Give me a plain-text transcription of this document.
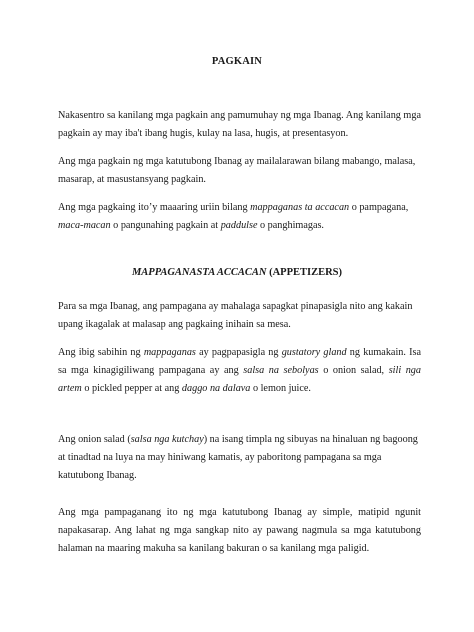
PAGKAIN

Nakasentro sa kanilang mga pagkain ang pamumuhay ng mga Ibanag. Ang kanilang mga pagkain ay may iba't ibang hugis, kulay na lasa, hugis, at presentasyon.

Ang mga pagkain ng mga katutubong Ibanag ay mailalarawan bilang mabango, malasa, masarap, at masustansyang pagkain.

Ang mga pagkaing ito’y maaaring uriin bilang mappaganas ta accacan o pampagana, maca-macan o pangunahing pagkain at paddulse o panghimagas.

MAPPAGANASTA ACCACAN (APPETIZERS)

Para sa mga Ibanag, ang pampagana ay mahalaga sapagkat pinapasigla nito ang kakain upang ikagalak at malasap ang pagkaing inihain sa mesa.

Ang ibig sabihin ng mappaganas ay pagpapasigla ng gustatory gland ng kumakain. Isa sa mga kinagigiliwang pampagana ay ang salsa na sebolyas o onion salad, sili nga artem o pickled pepper at ang daggo na dalava o lemon juice.

Ang onion salad (salsa nga kutchay) na isang timpla ng sibuyas na hinaluan ng bagoong at tinadtad na luya na may hiniwang kamatis, ay paboritong pampagana sa mga katutubong Ibanag.

Ang mga pampaganang ito ng mga katutubong Ibanag ay simple, matipid ngunit napakasarap. Ang lahat ng mga sangkap nito ay pawang nagmula sa mga katutubong halaman na maaring makuha sa kanilang bakuran o sa kanilang mga paligid.
